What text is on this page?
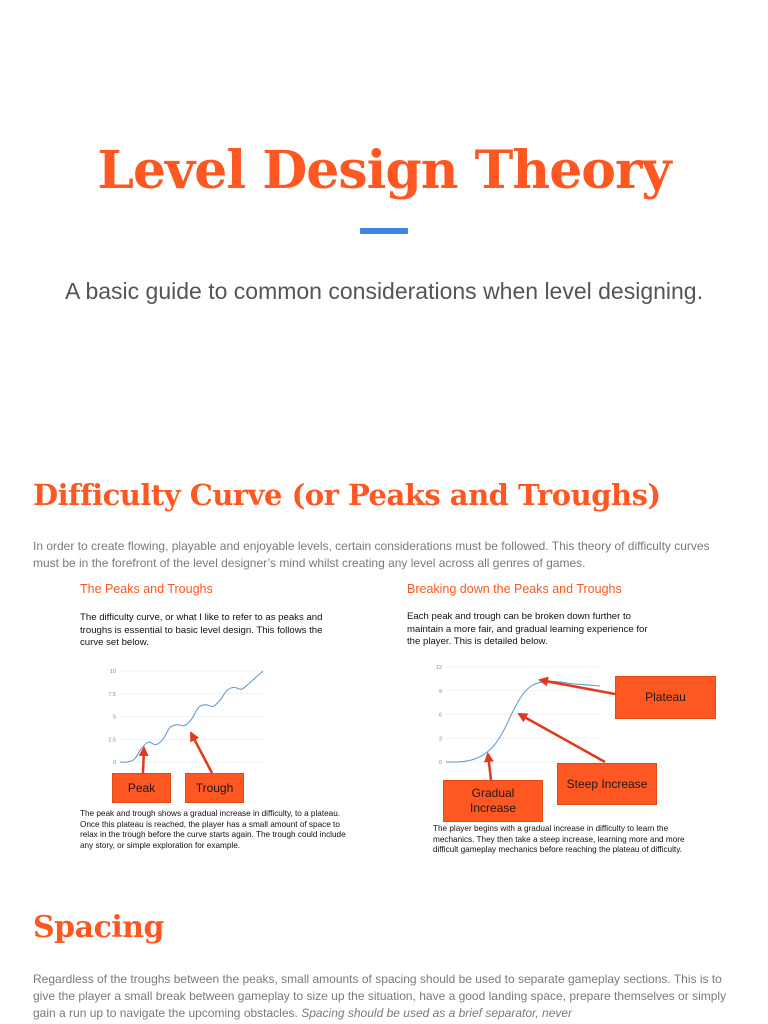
Level Design Theory

A basic guide to common considerations when level designing.

Difficulty Curve (or Peaks and Troughs)

In order to create flowing, playable and enjoyable levels, certain considerations must be followed. This theory of difficulty curves must be in the forefront of the level designer’s mind whilst creating any level across all genres of games.

The Peaks and Troughs

The difficulty curve, or what I like to refer to as peaks and troughs is essential to basic level design. This follows the curve set below.

0
2.5
5
7.5
10
Peak	Trough

The peak and trough shows a gradual increase in difficulty, to a plateau. Once this plateau is reached, the player has a small amount of space to relax in the trough before the curve starts again. The trough could include any story, or simple exploration for example.

Breaking down the Peaks and Troughs

Each peak and trough can be broken down further to maintain a more fair, and gradual learning experience for the player. This is detailed below.

0
3
6
9
12
Plateau
Steep Increase
Gradual Increase

The player begins with a gradual increase in difficulty to learn the mechanics. They then take a steep increase, learning more and more difficult gameplay mechanics before reaching the plateau of difficulty.

Spacing

Regardless of the troughs between the peaks, small amounts of spacing should be used to separate gameplay sections. This is to give the player a small break between gameplay to size up the situation, have a good landing space, prepare themselves or simply gain a run up to navigate the upcoming obstacles. Spacing should be used as a brief separator, never
